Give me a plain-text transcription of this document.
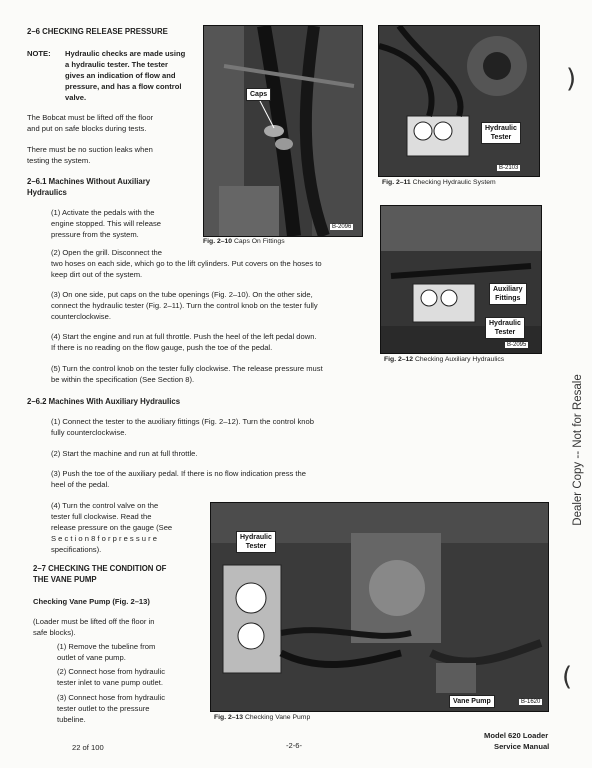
2–6 CHECKING RELEASE PRESSURE
NOTE: Hydraulic checks are made using
a hydraulic tester. The tester
gives an indication of flow and
pressure, and has a flow control
valve.
The Bobcat must be lifted off the floor
and put on safe blocks during tests.
There must be no suction leaks when
testing the system.
2–6.1 Machines Without Auxiliary
Hydraulics
(1) Activate the pedals with the
engine stopped. This will release
pressure from the system.
(2) Open the grill. Disconnect the
two hoses on each side, which go to the lift cylinders. Put covers on the hoses to
keep dirt out of the system.
(3) On one side, put caps on the tube openings (Fig. 2–10). On the other side,
connect the hydraulic tester (Fig. 2–11). Turn the control knob on the tester fully
counterclockwise.
(4) Start the engine and run at full throttle. Push the heel of the left pedal down.
If there is no reading on the flow gauge, push the toe of the pedal.
(5) Turn the control knob on the tester fully clockwise. The release pressure must
be within the specification (See Section 8).
2–6.2 Machines With Auxiliary Hydraulics
(1) Connect the tester to the auxiliary fittings (Fig. 2–12). Turn the control knob
fully counterclockwise.
(2) Start the machine and run at full throttle.
(3) Push the toe of the auxiliary pedal. If there is no flow indication press the
heel of the pedal.
(4) Turn the control valve on the
tester full clockwise. Read the
release pressure on the gauge (See
S e c t i o n 8 f o r p r e s s u r e
specifications).
2–7 CHECKING THE CONDITION OF
THE VANE PUMP
Checking Vane Pump (Fig. 2–13)
(Loader must be lifted off the floor in
safe blocks).
(1) Remove the tubeline from
outlet of vane pump.
(2) Connect hose from hydraulic
tester inlet to vane pump outlet.
(3) Connect hose from hydraulic
tester outlet to the pressure
tubeline.
Caps
B-2096
Fig. 2–10 Caps On Fittings
Hydraulic
Tester
B-2103
Fig. 2–11 Checking Hydraulic System
Auxiliary
Fittings
Hydraulic
Tester
B-2095
Fig. 2–12 Checking Auxiliary Hydraulics
Hydraulic
Tester
Vane Pump	B-1620
Fig. 2–13 Checking Vane Pump
22 of 100	-2-6-
Model 620 Loader
Service Manual
Dealer Copy -- Not for Resale
)
(
